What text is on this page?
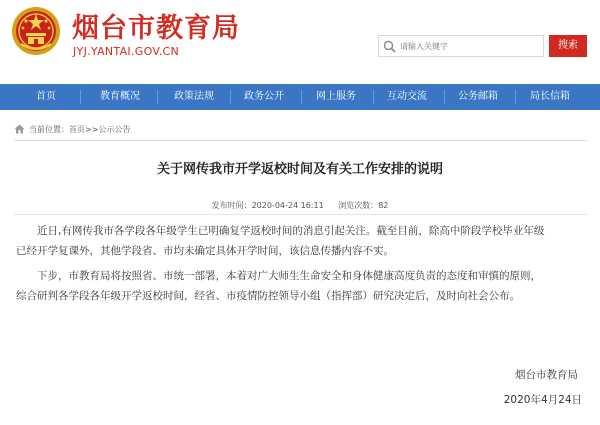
烟台市教育局
JYJ.YANTAI.GOV.CN
请输入关键字	搜索
首页	教育概况	政策法规	政务公开	网上服务	互动交流	公务邮箱	局长信箱
当前位置：首页>>公示公告
关于网传我市开学返校时间及有关工作安排的说明
发布时间：2020-04-24 16:11 浏览次数：82
近日,有网传我市各学段各年级学生已明确复学返校时间的消息引起关注。截至目前，除高中阶段学校毕业年级
已经开学复课外，其他学段省、市均未确定具体开学时间，该信息传播内容不实。
下步，市教育局将按照省、市统一部署，本着对广大师生生命安全和身体健康高度负责的态度和审慎的原则，
综合研判各学段各年级开学返校时间，经省、市疫情防控领导小组（指挥部）研究决定后，及时向社会公布。
烟台市教育局
2020年4月24日
